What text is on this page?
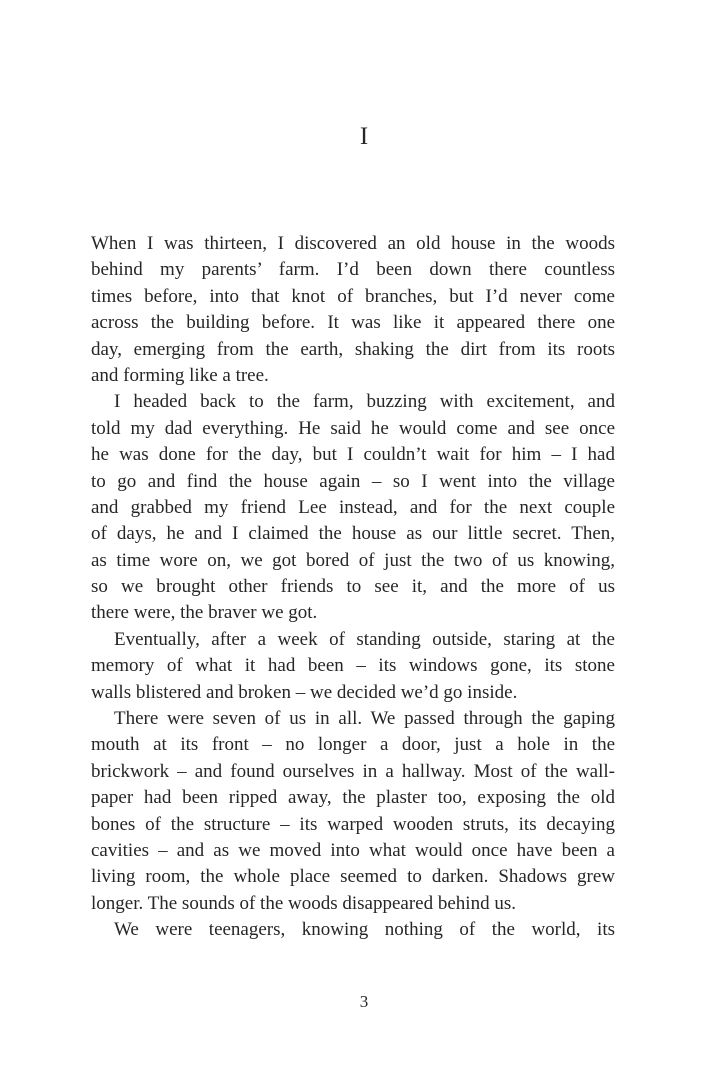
I
When I was thirteen, I discovered an old house in the woods
behind my parents’ farm. I’d been down there countless
times before, into that knot of branches, but I’d never come
across the building before. It was like it appeared there one
day, emerging from the earth, shaking the dirt from its roots
and forming like a tree.
I headed back to the farm, buzzing with excitement, and
told my dad everything. He said he would come and see once
he was done for the day, but I couldn’t wait for him – I had
to go and find the house again – so I went into the village
and grabbed my friend Lee instead, and for the next couple
of days, he and I claimed the house as our little secret. Then,
as time wore on, we got bored of just the two of us knowing,
so we brought other friends to see it, and the more of us
there were, the braver we got.
Eventually, after a week of standing outside, staring at the
memory of what it had been – its windows gone, its stone
walls blistered and broken – we decided we’d go inside.
There were seven of us in all. We passed through the gaping
mouth at its front – no longer a door, just a hole in the
brickwork – and found ourselves in a hallway. Most of the wall-
paper had been ripped away, the plaster too, exposing the old
bones of the structure – its warped wooden struts, its decaying
cavities – and as we moved into what would once have been a
living room, the whole place seemed to darken. Shadows grew
longer. The sounds of the woods disappeared behind us.
We were teenagers, knowing nothing of the world, its
3
